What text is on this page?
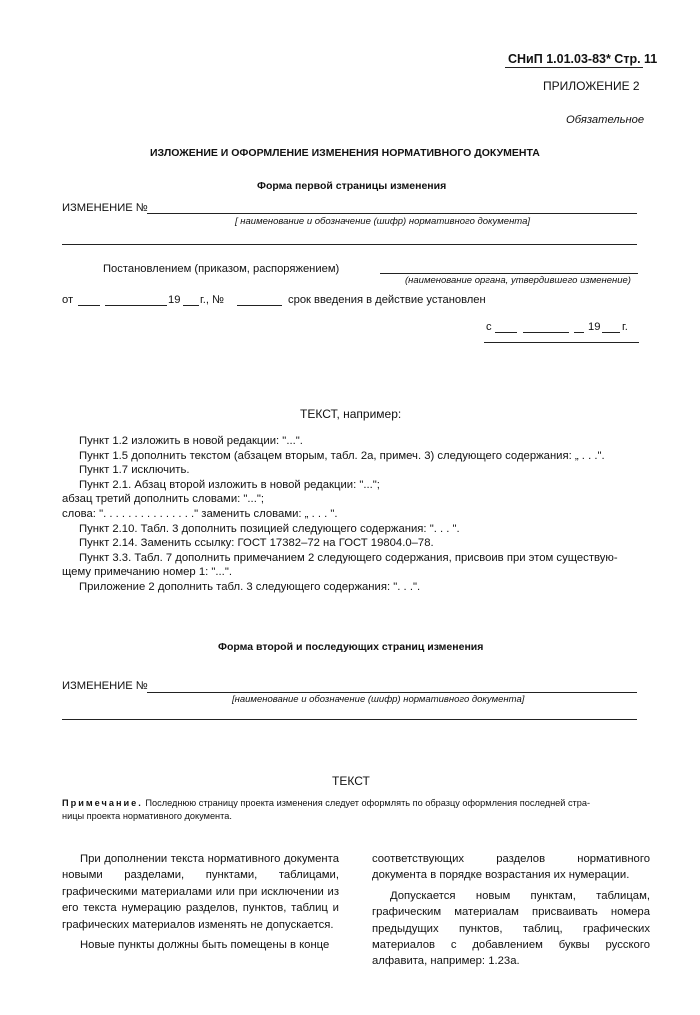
СНиП 1.01.03-83* Стр. 11
ПРИЛОЖЕНИЕ 2
Обязательное
ИЗЛОЖЕНИЕ И ОФОРМЛЕНИЕ ИЗМЕНЕНИЯ НОРМАТИВНОГО ДОКУМЕНТА
Форма первой страницы изменения
ИЗМЕНЕНИЕ №
[ наименование и обозначение (шифр) нормативного документа]
Постановлением (приказом, распоряжением)
(наименование органа, утвердившего изменение)
от	19 г., №	срок введения в действие установлен
с	19 г.
ТЕКСТ, например:

Пункт 1.2 изложить в новой редакции: "...".

Пункт 1.5 дополнить текстом (абзацем вторым, табл. 2а, примеч. 3) следующего содержания: „ . . .".

Пункт 1.7 исключить.

Пункт 2.1. Абзац второй изложить в новой редакции: "...";

абзац третий дополнить словами: "...";

слова: ". . . . . . . . . . . . . . ." заменить словами: „ . . . ".

Пункт 2.10. Табл. 3 дополнить позицией следующего содержания: ". . . ".

Пункт 2.14. Заменить ссылку: ГОСТ 17382–72 на ГОСТ 19804.0–78.

Пункт 3.3. Табл. 7 дополнить примечанием 2 следующего содержания, присвоив при этом существую-

щему примечанию номер 1: "...".

Приложение 2 дополнить табл. 3 следующего содержания: ". . .".

Форма второй и последующих страниц изменения
ИЗМЕНЕНИЕ №
[наименование и обозначение (шифр) нормативного документа]
ТЕКСТ
Примечание. Последнюю страницу проекта изменения следует оформлять по образцу оформления последней стра-
ницы проекта нормативного документа.

При дополнении текста нормативного документа новыми разделами, пунктами, таблицами, графическими материалами или при исключении из его текста нумерацию разделов, пунктов, таблиц и графических материалов изменять не допускается.

Новые пункты должны быть помещены в конце

соответствующих разделов нормативного документа в порядке возрастания их нумерации.

Допускается новым пунктам, таблицам, графическим материалам присваивать номера предыдущих пунктов, таблиц, графических материалов с добавлением буквы русского алфавита, например: 1.23а.
